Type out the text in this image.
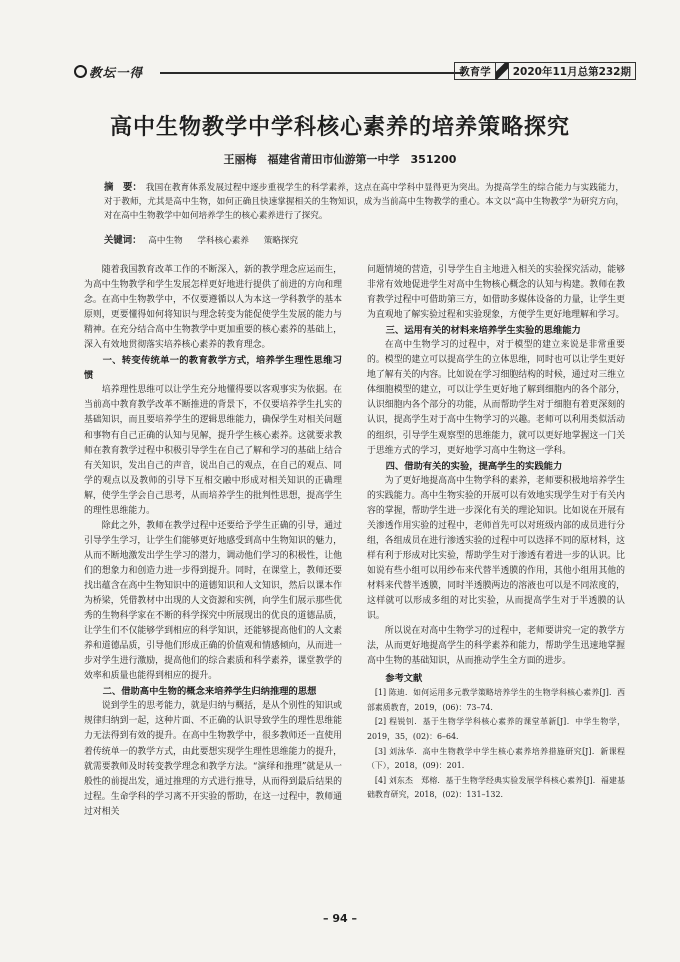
教坛一得	教育学	2020年11月总第232期
高中生物教学中学科核心素养的培养策略探究
王丽梅　福建省莆田市仙游第一中学　351200
摘　要： 我国在教育体系发展过程中逐步重视学生的科学素养，这点在高中学科中显得更为突出。为提高学生的综合能力与实践能力，对于教师，尤其是高中生物，如何正确且快速掌握相关的生物知识，成为当前高中生物教学的重心。本文以“高中生物教学”为研究方向，对在高中生物教学中如何培养学生的核心素养进行了探究。
关键词： 高中生物 学科核心素养 策略探究

随着我国教育改革工作的不断深入，新的教学理念应运而生，为高中生物教学和学生发展怎样更好地进行提供了前进的方向和理念。在高中生物教学中，不仅要遵循以人为本这一学科教学的基本原则，更要懂得如何将知识与理念转变为能促使学生发展的能力与精神。在充分结合高中生物教学中更加重要的核心素养的基础上，深入有效地贯彻落实培养核心素养的教育理念。

一、转变传统单一的教育教学方式，培养学生理性思维习惯

培养理性思维可以让学生充分地懂得要以客观事实为依据。在当前高中教育教学改革不断推进的背景下，不仅要培养学生扎实的基础知识，而且要培养学生的逻辑思维能力，确保学生对相关问题和事物有自己正确的认知与见解，提升学生核心素养。这就要求教师在教育教学过程中积极引导学生在自己了解和学习的基础上结合有关知识，发出自己的声音，说出自己的观点，在自己的观点、同学的观点以及教师的引导下互相交融中形成对相关知识的正确理解，使学生学会自己思考，从而培养学生的批判性思想，提高学生的理性思维能力。

除此之外，教师在教学过程中还要给予学生正确的引导，通过引导学生学习，让学生们能够更好地感受到高中生物知识的魅力，从而不断地激发出学生学习的潜力，调动他们学习的积极性，让他们的想象力和创造力进一步得到提升。同时，在课堂上，教师还要找出蕴含在高中生物知识中的道德知识和人文知识，然后以课本作为桥梁，凭借教材中出现的人文资源和实例，向学生们展示那些优秀的生物科学家在不断的科学探究中所展现出的优良的道德品质，让学生们不仅能够学到相应的科学知识，还能够提高他们的人文素养和道德品质，引导他们形成正确的价值观和情感倾向，从而进一步对学生进行激励，提高他们的综合素质和科学素养，课堂教学的效率和质量也能得到相应的提升。

二、借助高中生物的概念来培养学生归纳推理的思想

说到学生的思考能力，就是归纳与概括，是从个别性的知识或规律归纳到一起，这种片面、不正确的认识导致学生的理性思维能力无法得到有效的提升。在高中生物教学中，很多教师还一直使用着传统单一的教学方式，由此要想实现学生理性思维能力的提升，就需要教师及时转变教学理念和教学方法。“演绎和推理”就是从一般性的前提出发，通过推理的方式进行推导，从而得到最后结果的过程。生命学科的学习离不开实验的帮助，在这一过程中，教师通过对相关

问题情境的营造，引导学生自主地进入相关的实验探究活动，能够非常有效地促进学生对高中生物核心概念的认知与构建。教师在教育教学过程中可借助第三方，如借助多媒体设备的力量，让学生更为直观地了解实验过程和实验现象，方便学生更好地理解和学习。

三、运用有关的材料来培养学生实验的思维能力

在高中生物学习的过程中，对于模型的建立来说是非常重要的。模型的建立可以提高学生的立体思维，同时也可以让学生更好地了解有关的内容。比如说在学习细胞结构的时候，通过对三维立体细胞模型的建立，可以让学生更好地了解到细胞内的各个部分，认识细胞内各个部分的功能，从而帮助学生对于细胞有着更深刻的认识，提高学生对于高中生物学习的兴趣。老师可以利用类似活动的组织，引导学生观察型的思维能力，就可以更好地掌握这一门关于思维方式的学习，更好地学习高中生物这一学科。

四、借助有关的实验，提高学生的实践能力

为了更好地提高高中生物学科的素养，老师要积极地培养学生的实践能力。高中生物实验的开展可以有效地实现学生对于有关内容的掌握，帮助学生进一步深化有关的理论知识。比如说在开展有关渗透作用实验的过程中，老师首先可以对班级内部的成员进行分组，各组成员在进行渗透实验的过程中可以选择不同的原材料，这样有利于形成对比实验，帮助学生对于渗透有着进一步的认识。比如说有些小组可以用纱布来代替半透膜的作用，其他小组用其他的材料来代替半透膜，同时半透膜两边的溶液也可以是不同浓度的，这样就可以形成多组的对比实验，从而提高学生对于半透膜的认识。

所以说在对高中生物学习的过程中，老师要讲究一定的教学方法，从而更好地提高学生的科学素养和能力，帮助学生迅速地掌握高中生物的基础知识，从而推动学生全方面的进步。

参考文献
[1] 陈迪．如何运用多元教学策略培养学生的生物学科核心素养[J]．西部素质教育，2019，(06)：73–74.
[2] 程锐钊．基于生物学学科核心素养的课堂革新[J]．中学生物学，2019，35，(02)：6–64.
[3] 刘泳华．高中生物教学中学生核心素养培养措施研究[J]．新课程（下），2018，(09)：201.
[4] 刘东杰　郑榕．基于生物学经典实验发展学科核心素养[J]．福建基础教育研究，2018，(02)：131–132.
– 94 –
